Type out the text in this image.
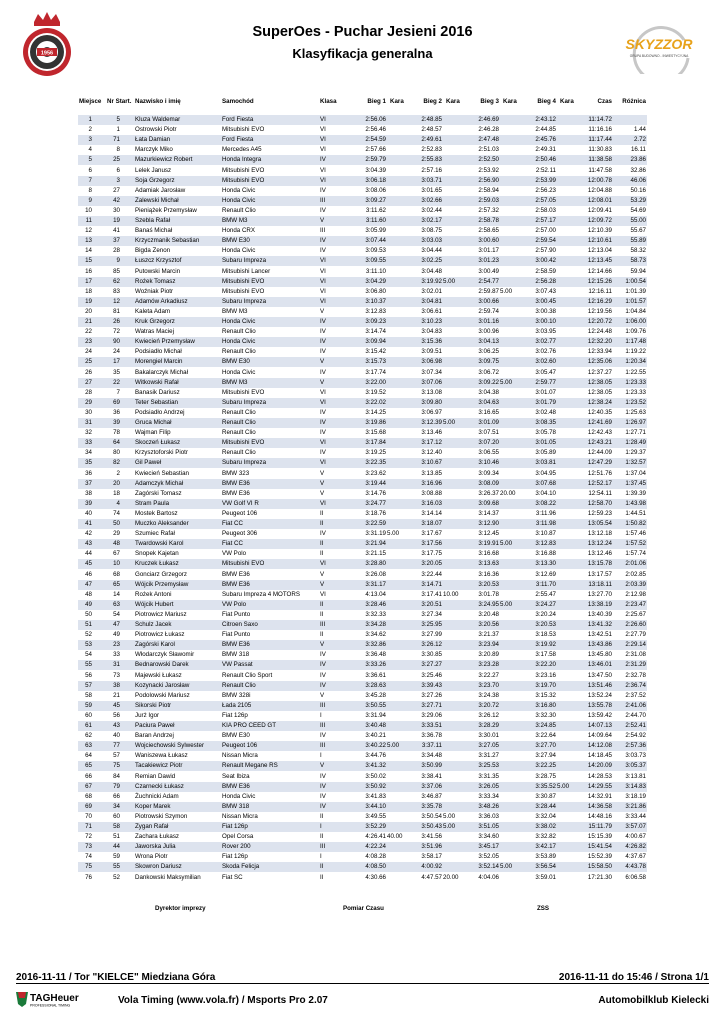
1956
SKYZZOR
GRUPA BUDOWNO - INWESTYCYJNA
SuperOes - Puchar Jesieni 2016
Klasyfikacja generalna
Miejsce Nr Start. Nazwisko i imię	Samochód	Klasa	Bieg 1 Kara	Bieg 2 Kara	Bieg 3 Kara	Bieg 4 Kara	Czas	Różnica
1	5 Kluza Waldemar	Ford Fiesta	VI	2:56.06	2:48.85	2:46.69	2:43.12	11:14.72
2	1 Ostrowski Piotr	Mitsubishi EVO	VI	2:56.46	2:48.57	2:46.28	2:44.85	11:16.16	1.44
3	71 Łata Damian	Ford Fiesta	VI	2:54.59	2:49.61	2:47.48	2:45.76	11:17.44	2.72
4	8 Marczyk Miko	Mercedes A45	VI	2:57.66	2:52.83	2:51.03	2:49.31	11:30.83	16.11
5	25 Mazurkiewicz Robert	Honda Integra	IV	2:59.79	2:55.83	2:52.50	2:50.46	11:38.58	23.86
6	6 Lelek Janusz	Mitsubishi EVO	VI	3:04.39	2:57.16	2:53.92	2:52.11	11:47.58	32.86
7	3 Soja Grzegorz	Mitsubishi EVO	VI	3:06.18	3:03.71	2:56.90	2:53.99	12:00.78	46.06
8	27 Adamiak Jarosław	Honda Civic	IV	3:08.06	3:01.65	2:58.94	2:56.23	12:04.88	50.16
9	42 Zalewski Michał	Honda Civic	III	3:09.27	3:02.66	2:59.03	2:57.05	12:08.01	53.29
10	30 Pieniążek Przemysław	Renault Clio	IV	3:11.62	3:02.44	2:57.32	2:58.03	12:09.41	54.69
11	19 Szebla Rafał	BMW M3	V	3:11.60	3:02.17	2:58.78	2:57.17	12:09.72	55.00
12	41 Banaś Michał	Honda CRX	III	3:05.99	3:08.75	2:58.65	2:57.00	12:10.39	55.67
13	37 Krzyczmanik Sebastian	BMW E30	IV	3:07.44	3:03.03	3:00.60	2:59.54	12:10.61	55.89
14	28 Bigda Zenon	Honda Civic	IV	3:09.53	3:04.44	3:01.17	2:57.90	12:13.04	58.32
15	9 Łuszcz Krzysztof	Subaru Impreza	VI	3:09.55	3:02.25	3:01.23	3:00.42	12:13.45	58.73
16	85 Putowski Marcin	Mitsubishi Lancer	VI	3:11.10	3:04.48	3:00.49	2:58.59	12:14.66	59.94
17	62 Rożek Tomasz	Mitsubishi EVO	VI	3:04.29	3:19.92 5.00	2:54.77	2:56.28	12:15.26	1:00.54
18	83 Woźniak Piotr	Mitsubishi EVO	VI	3:06.80	3:02.01	2:59.87 5.00	3:07.43	12:16.11	1:01.39
19	12 Adamów Arkadiusz	Subaru Impreza	VI	3:10.37	3:04.81	3:00.66	3:00.45	12:16.29	1:01.57
20	81 Kaleta Adam	BMW M3	V	3:12.83	3:06.61	2:59.74	3:00.38	12:19.56	1:04.84
21	26 Kruk Grzegorz	Honda Civic	IV	3:09.23	3:10.23	3:01.16	3:00.10	12:20.72	1:06.00
22	72 Watras Maciej	Renault Clio	IV	3:14.74	3:04.83	3:00.96	3:03.95	12:24.48	1:09.76
23	90 Kwiecień Przemysław	Honda Civic	IV	3:09.94	3:15.36	3:04.13	3:02.77	12:32.20	1:17.48
24	24 Podsiadło Michał	Renault Clio	IV	3:15.42	3:09.51	3:06.25	3:02.76	12:33.94	1:19.22
25	17 Morengiel Marcin	BMW E30	V	3:15.73	3:06.98	3:09.75	3:02.60	12:35.06	1:20.34
26	35 Bakalarczyk Michał	Honda Civic	IV	3:17.74	3:07.34	3:06.72	3:05.47	12:37.27	1:22.55
27	22 Witkowski Rafał	BMW M3	V	3:22.00	3:07.06	3:09.22 5.00	2:59.77	12:38.05	1:23.33
28	7 Banasik Dariusz	Mitsubishi EVO	VI	3:19.52	3:13.08	3:04.38	3:01.07	12:38.05	1:23.33
29	69 Teter Sebastian	Subaru Impreza	VI	3:22.02	3:09.80	3:04.63	3:01.79	12:38.24	1:23.52
30	36 Podsiadło Andrzej	Renault Clio	IV	3:14.25	3:06.97	3:16.65	3:02.48	12:40.35	1:25.63
31	39 Gruca Michał	Renault Clio	IV	3:19.86	3:12.39 5.00	3:01.09	3:08.35	12:41.69	1:26.97
32	78 Wajman Filip	Renault Clio	IV	3:15.68	3:13.46	3:07.51	3:05.78	12:42.43	1:27.71
33	64 Skoczeń Łukasz	Mitsubishi EVO	VI	3:17.84	3:17.12	3:07.20	3:01.05	12:43.21	1:28.49
34	80 Krzysztoforski Piotr	Renault Clio	IV	3:19.25	3:12.40	3:06.55	3:05.89	12:44.09	1:29.37
35	82 Gil Paweł	Subaru Impreza	VI	3:22.35	3:10.67	3:10.46	3:03.81	12:47.29	1:32.57
36	2 Kwiecień Sebastian	BMW 323	V	3:23.62	3:13.85	3:09.34	3:04.95	12:51.76	1:37.04
37	20 Adamczyk Michał	BMW E36	V	3:19.44	3:16.96	3:08.09	3:07.68	12:52.17	1:37.45
38	18 Zagórski Tomasz	BMW E36	V	3:14.76	3:08.88	3:26.37 20.00	3:04.10	12:54.11	1:39.39
39	4 Stram Paula	VW Golf VI R	VI	3:24.77	3:16.03	3:09.68	3:08.22	12:58.70	1:43.98
40	74 Mostek Bartosz	Peugeot 106	II	3:18.76	3:14.14	3:14.37	3:11.96	12:59.23	1:44.51
41	50 Muczko Aleksander	Fiat CC	II	3:22.59	3:18.07	3:12.90	3:11.98	13:05.54	1:50.82
42	29 Szumiec Rafał	Peugeot 306	IV	3:31.19 5.00	3:17.67	3:12.45	3:10.87	13:12.18	1:57.46
43	48 Twardowski Karol	Fiat CC	II	3:21.94	3:17.56	3:19.91 5.00	3:12.83	13:12.24	1:57.52
44	67 Snopek Kajetan	VW Polo	II	3:21.15	3:17.75	3:16.68	3:16.88	13:12.46	1:57.74
45	10 Kruczek Łukasz	Mitsubishi EVO	VI	3:28.80	3:20.05	3:13.63	3:13.30	13:15.78	2:01.06
46	68 Gonciarz Grzegorz	BMW E36	V	3:26.08	3:22.44	3:16.36	3:12.69	13:17.57	2:02.85
47	65 Wójcik Przemysław	BMW E36	V	3:31.17	3:14.71	3:20.53	3:11.70	13:18.11	2:03.39
48	14 Rożek Antoni	Subaru Impreza 4 MOTORS	VI	4:13.04	3:17.41 10.00	3:01.78	2:55.47	13:27.70	2:12.98
49	63 Wójcik Hubert	VW Polo	II	3:28.46	3:20.51	3:24.95 5.00	3:24.27	13:38.19	2:23.47
50	54 Piotrowicz Mariusz	Fiat Punto	II	3:32.33	3:27.34	3:20.48	3:20.24	13:40.39	2:25.67
51	47 Schulz Jacek	Citroen Saxo	III	3:34.28	3:25.95	3:20.56	3:20.53	13:41.32	2:26.60
52	49 Piotrowicz Łukasz	Fiat Punto	II	3:34.62	3:27.99	3:21.37	3:18.53	13:42.51	2:27.79
53	23 Zagórski Karol	BMW E36	V	3:32.86	3:26.12	3:23.94	3:19.92	13:43.86	2:29.14
54	33 Włodarczyk Sławomir	BMW 318	IV	3:36.48	3:30.85	3:20.89	3:17.58	13:45.80	2:31.08
55	31 Bednarowski Darek	VW Passat	IV	3:33.26	3:27.27	3:23.28	3:22.20	13:46.01	2:31.29
56	73 Majewski Łukasz	Renault Clio Sport	IV	3:36.61	3:25.46	3:22.27	3:23.16	13:47.50	2:32.78
57	38 Kozynacki Jarosław	Renault Clio	IV	3:28.63	3:39.43	3:23.70	3:19.70	13:51.46	2:36.74
58	21 Podolowski Mariusz	BMW 328i	V	3:45.28	3:27.26	3:24.38	3:15.32	13:52.24	2:37.52
59	45 Sikorski Piotr	Łada 2105	III	3:50.55	3:27.71	3:20.72	3:16.80	13:55.78	2:41.06
60	56 Jurż Igor	Fiat 126p	I	3:31.94	3:29.06	3:26.12	3:32.30	13:59.42	2:44.70
61	43 Paciura Paweł	KIA PRO CEED GT	III	3:40.48	3:33.51	3:28.29	3:24.85	14:07.13	2:52.41
62	40 Baran Andrzej	BMW E30	IV	3:40.21	3:36.78	3:30.01	3:22.64	14:09.64	2:54.92
63	77 Wojciechowski Sylwester	Peugeot 106	III	3:40.22 5.00	3:37.11	3:27.05	3:27.70	14:12.08	2:57.36
64	57 Waniszewa Łukasz	Nissan Micra	I	3:44.76	3:34.48	3:31.27	3:27.94	14:18.45	3:03.73
65	75 Tacakiewicz Piotr	Renault Megane RS	V	3:41.32	3:50.99	3:25.53	3:22.25	14:20.09	3:05.37
66	84 Remian Dawid	Seat Ibiza	IV	3:50.02	3:38.41	3:31.35	3:28.75	14:28.53	3:13.81
67	79 Czarnecki Łukasz	BMW E36	IV	3:50.92	3:37.06	3:26.05	3:35.52 5.00	14:29.55	3:14.83
68	66 Żuchnicki Adam	Honda Civic	IV	3:41.83	3:46.87	3:33.34	3:30.87	14:32.91	3:18.19
69	34 Koper Marek	BMW 318	IV	3:44.10	3:35.78	3:48.26	3:28.44	14:36.58	3:21.86
70	60 Piotrowski Szymon	Nissan Micra	II	3:49.55	3:50.54 5.00	3:36.03	3:32.04	14:48.16	3:33.44
71	58 Zygan Rafał	Fiat 126p	I	3:52.29	3:50.43 5.00	3:51.05	3:38.02	15:11.79	3:57.07
72	51 Zachara Łukasz	Opel Corsa	II	4:26.41 40.00	3:41.56	3:34.60	3:32.82	15:15.39	4:00.67
73	44 Jaworska Julia	Rover 200	III	4:22.24	3:51.96	3:45.17	3:42.17	15:41.54	4:26.82
74	59 Wrona Piotr	Fiat 126p	I	4:08.28	3:58.17	3:52.05	3:53.89	15:52.39	4:37.67
75	55 Skowron Dariusz	Skoda Felicja	II	4:08.50	4:00.92	3:52.14 5.00	3:56.54	15:58.50	4:43.78
76	52 Dankowski Maksymilian	Fiat SC	II	4:30.66	4:47.57 20.00	4:04.06	3:59.01	17:21.30	6:06.58
Dyrektor imprezy	Pomiar Czasu	ZSS
2016-11-11 / Tor "KIELCE" Miedziana Góra	2016-11-11 do 15:46 / Strona 1/1
TAGHeuer
PROFESSIONAL TIMING	Vola Timing (www.vola.fr) / Msports Pro 2.07	Automobilklub Kielecki
